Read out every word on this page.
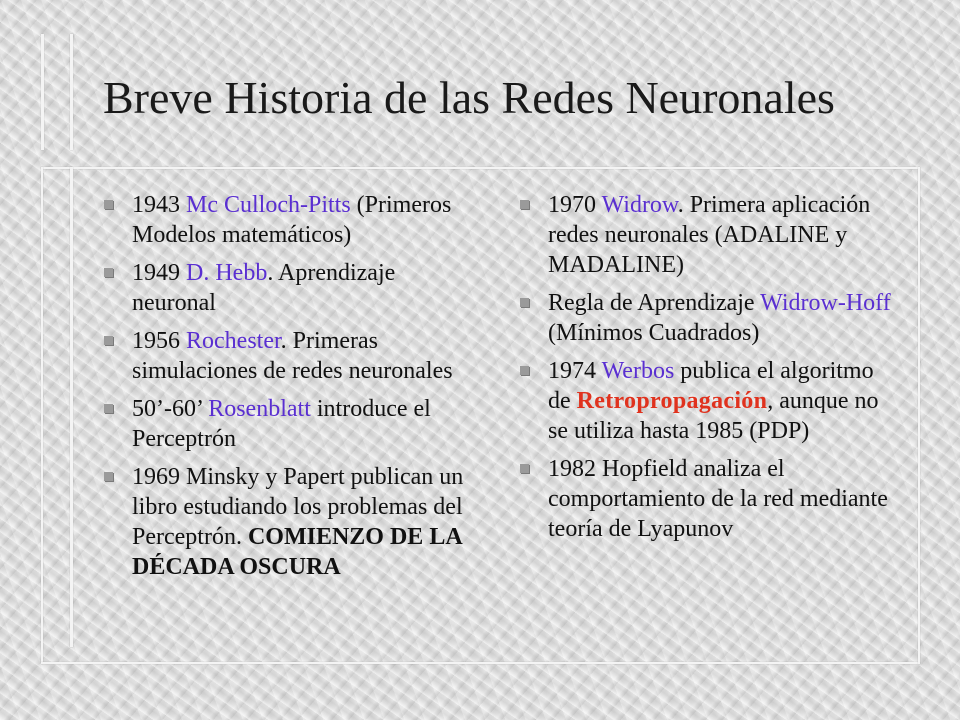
Breve Historia de las Redes Neuronales
1943 Mc Culloch-Pitts (Primeros Modelos matemáticos)
1949 D. Hebb. Aprendizaje neuronal
1956 Rochester. Primeras simulaciones de redes neuronales
50’-60’ Rosenblatt introduce el Perceptrón
1969 Minsky y Papert publican un libro estudiando los problemas del Perceptrón. COMIENZO DE LA DÉCADA OSCURA
1970 Widrow. Primera aplicación redes neuronales (ADALINE y MADALINE)
Regla de Aprendizaje Widrow-Hoff (Mínimos Cuadrados)
1974 Werbos publica el algoritmo de Retropropagación, aunque no se utiliza hasta 1985 (PDP)
1982 Hopfield analiza el comportamiento de la red mediante teoría de Lyapunov
